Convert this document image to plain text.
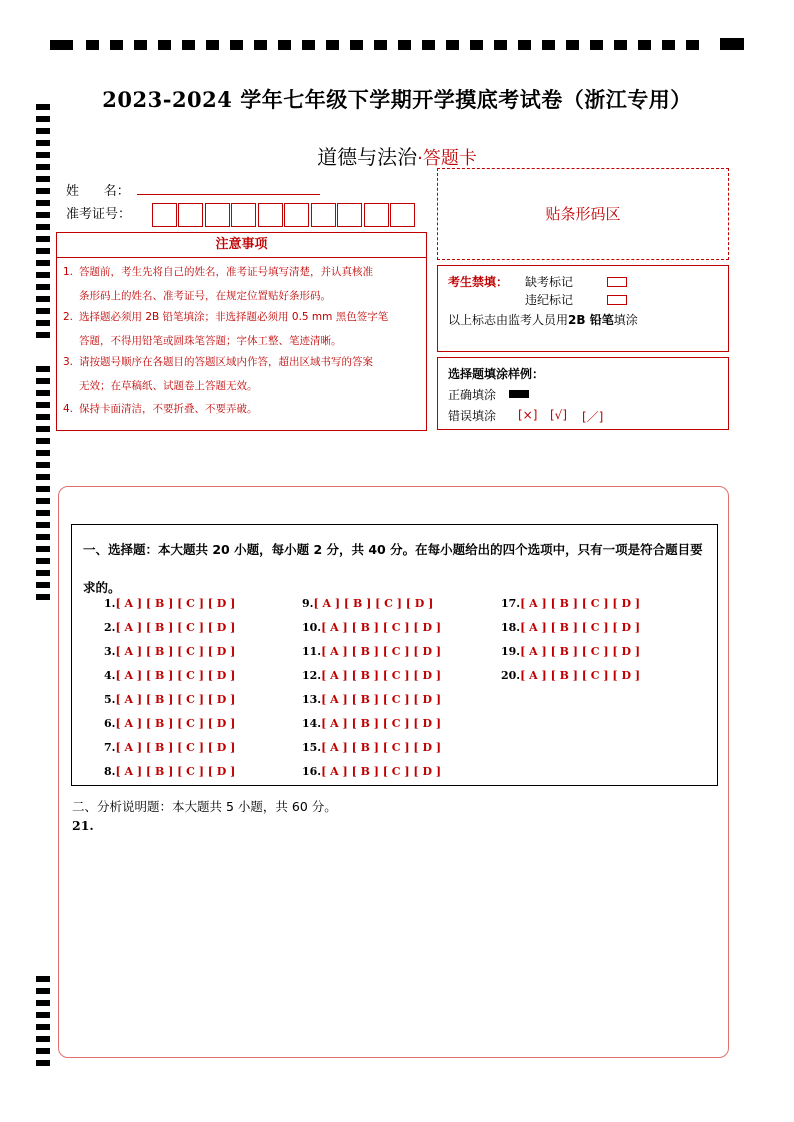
2023-2024 学年七年级下学期开学摸底考试卷（浙江专用）
道德与法治·答题卡
姓      名：
准考证号：
注意事项
1. 答题前，考生先将自己的姓名，准考证号填写清楚，并认真核准
条形码上的姓名、准考证号，在规定位置贴好条形码。
2. 选择题必须用 2B 铅笔填涂；非选择题必须用 0.5 mm 黑色签字笔
答题，不得用铅笔或圆珠笔答题；字体工整、笔迹清晰。
3. 请按题号顺序在各题目的答题区域内作答，超出区域书写的答案
无效；在草稿纸、试题卷上答题无效。
4. 保持卡面清洁，不要折叠、不要弄破。
贴条形码区
考生禁填： 缺考标记
违纪标记
以上标志由监考人员用2B 铅笔填涂
选择题填涂样例：
正确填涂
错误填涂 [×] [√] [／]
一、选择题：本大题共 20 小题，每小题 2 分，共 40 分。在每小题给出的四个选项中，只有一项是符合题目要求的。
1.[ A ] [ B ] [ C ] [ D ]
2.[ A ] [ B ] [ C ] [ D ]
3.[ A ] [ B ] [ C ] [ D ]
4.[ A ] [ B ] [ C ] [ D ]
5.[ A ] [ B ] [ C ] [ D ]
6.[ A ] [ B ] [ C ] [ D ]
7.[ A ] [ B ] [ C ] [ D ]
8.[ A ] [ B ] [ C ] [ D ]
9.[ A ] [ B ] [ C ] [ D ]
10.[ A ] [ B ] [ C ] [ D ]
11.[ A ] [ B ] [ C ] [ D ]
12.[ A ] [ B ] [ C ] [ D ]
13.[ A ] [ B ] [ C ] [ D ]
14.[ A ] [ B ] [ C ] [ D ]
15.[ A ] [ B ] [ C ] [ D ]
16.[ A ] [ B ] [ C ] [ D ]
17.[ A ] [ B ] [ C ] [ D ]
18.[ A ] [ B ] [ C ] [ D ]
19.[ A ] [ B ] [ C ] [ D ]
20.[ A ] [ B ] [ C ] [ D ]
二、分析说明题：本大题共 5 小题，共 60 分。
21.
